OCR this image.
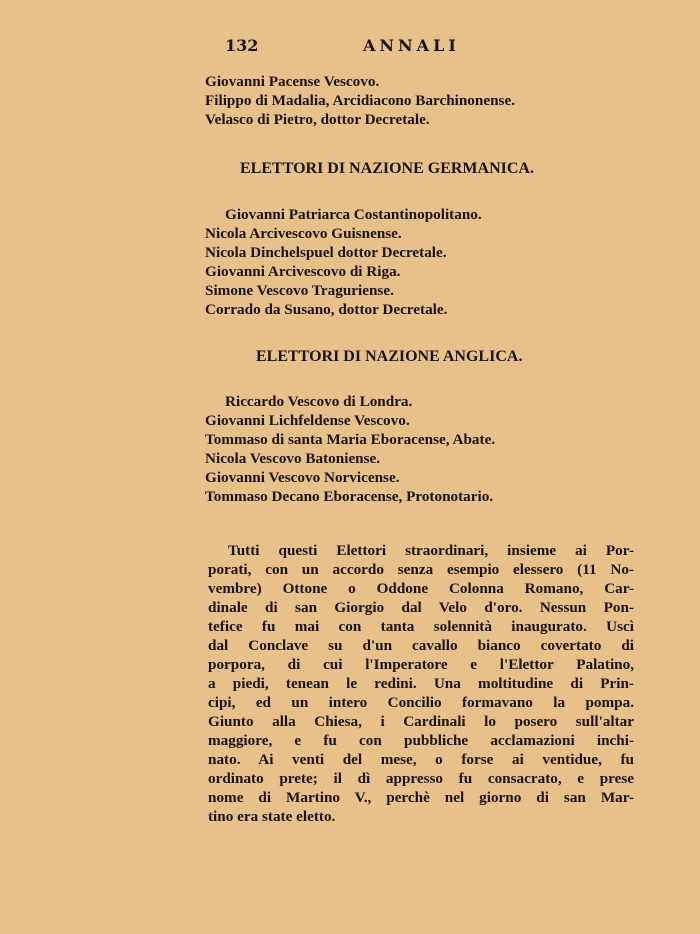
132	ANNALI
Giovanni Pacense Vescovo.
Filippo di Madalia, Arcidiacono Barchinonense.
Velasco di Pietro, dottor Decretale.
ELETTORI DI NAZIONE GERMANICA.
Giovanni Patriarca Costantinopolitano.
Nicola Arcivescovo Guisnense.
Nicola Dinchelspuel dottor Decretale.
Giovanni Arcivescovo di Riga.
Simone Vescovo Traguriense.
Corrado da Susano, dottor Decretale.
ELETTORI DI NAZIONE ANGLICA.
Riccardo Vescovo di Londra.
Giovanni Lichfeldense Vescovo.
Tommaso di santa Maria Eboracense, Abate.
Nicola Vescovo Batoniense.
Giovanni Vescovo Norvicense.
Tommaso Decano Eboracense, Protonotario.
Tutti questi Elettori straordinari, insieme ai Por-
porati, con un accordo senza esempio elessero (11 No-
vembre) Ottone o Oddone Colonna Romano, Car-
dinale di san Giorgio dal Velo d'oro. Nessun Pon-
tefice fu mai con tanta solennità inaugurato. Uscì
dal Conclave su d'un cavallo bianco covertato di
porpora, di cui l'Imperatore e l'Elettor Palatino,
a piedi, tenean le redini. Una moltitudine di Prin-
cipi, ed un intero Concilio formavano la pompa.
Giunto alla Chiesa, i Cardinali lo posero sull'altar
maggiore, e fu con pubbliche acclamazioni inchi-
nato. Ai venti del mese, o forse ai ventidue, fu
ordinato prete; il dì appresso fu consacrato, e prese
nome di Martino V., perchè nel giorno di san Mar-
tino era state eletto.
